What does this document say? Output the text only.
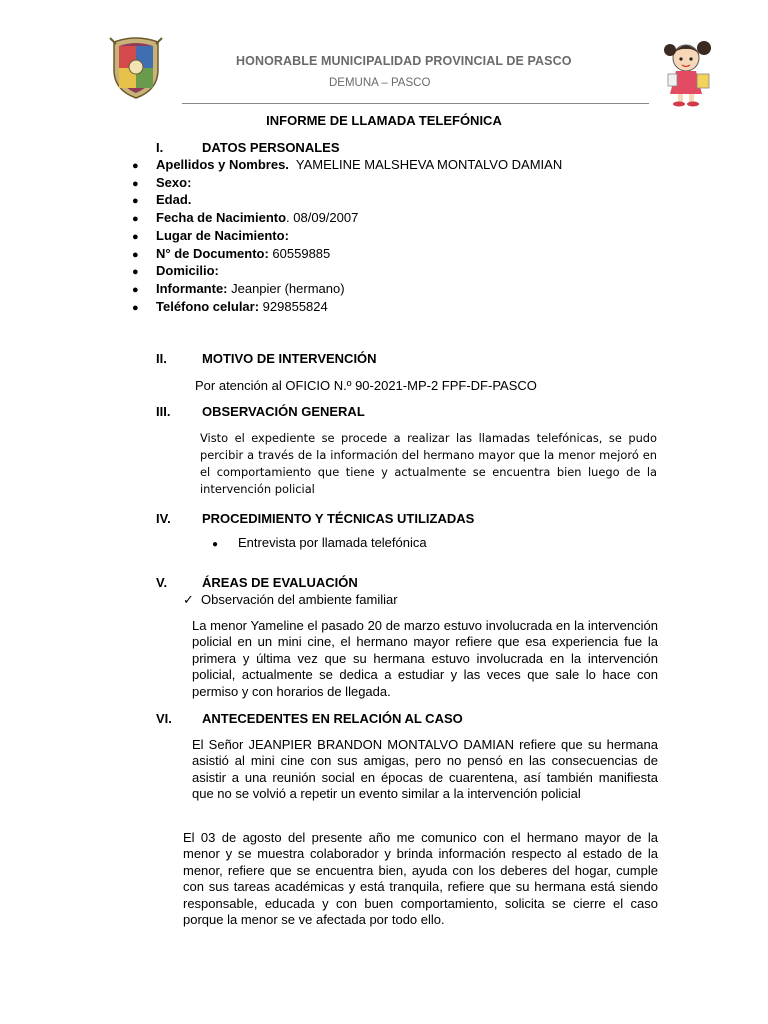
HONORABLE MUNICIPALIDAD PROVINCIAL DE PASCO
DEMUNA – PASCO
INFORME DE LLAMADA TELEFÓNICA
I.	DATOS PERSONALES
● Apellidos y Nombres.  YAMELINE MALSHEVA MONTALVO DAMIAN
● Sexo:
● Edad.
● Fecha de Nacimiento. 08/09/2007
● Lugar de Nacimiento:
● N° de Documento: 60559885
● Domicilio:
● Informante: Jeanpier (hermano)
● Teléfono celular: 929855824
II.	MOTIVO DE INTERVENCIÓN
Por atención al OFICIO N.º 90-2021-MP-2 FPF-DF-PASCO
III. OBSERVACIÓN GENERAL

Visto el expediente se procede a realizar las llamadas telefónicas, se pudo percibir a través de la información del hermano mayor que la menor mejoró en el comportamiento que tiene y actualmente se encuentra bien luego de la intervención policial

IV. PROCEDIMIENTO Y TÉCNICAS UTILIZADAS
● Entrevista por llamada telefónica
V.	ÁREAS DE EVALUACIÓN
✓ Observación del ambiente familiar

La menor Yameline el pasado 20 de marzo estuvo involucrada en la intervención policial en un mini cine, el hermano mayor refiere que esa experiencia fue la primera y última vez que su hermana estuvo involucrada en la intervención policial, actualmente se dedica a estudiar y las veces que sale lo hace con permiso y con horarios de llegada.

VI. ANTECEDENTES EN RELACIÓN AL CASO

El Señor JEANPIER BRANDON MONTALVO DAMIAN refiere que su hermana asistió al mini cine con sus amigas, pero no pensó en las consecuencias de asistir a una reunión social en épocas de cuarentena, así también manifiesta que no se volvió a repetir un evento similar a la intervención policial

El 03 de agosto del presente año me comunico con el hermano mayor de la menor y se muestra colaborador y brinda información respecto al estado de la menor, refiere que se encuentra bien, ayuda con los deberes del hogar, cumple con sus tareas académicas y está tranquila, refiere que su hermana está siendo responsable, educada y con buen comportamiento, solicita se cierre el caso porque la menor se ve afectada por todo ello.
